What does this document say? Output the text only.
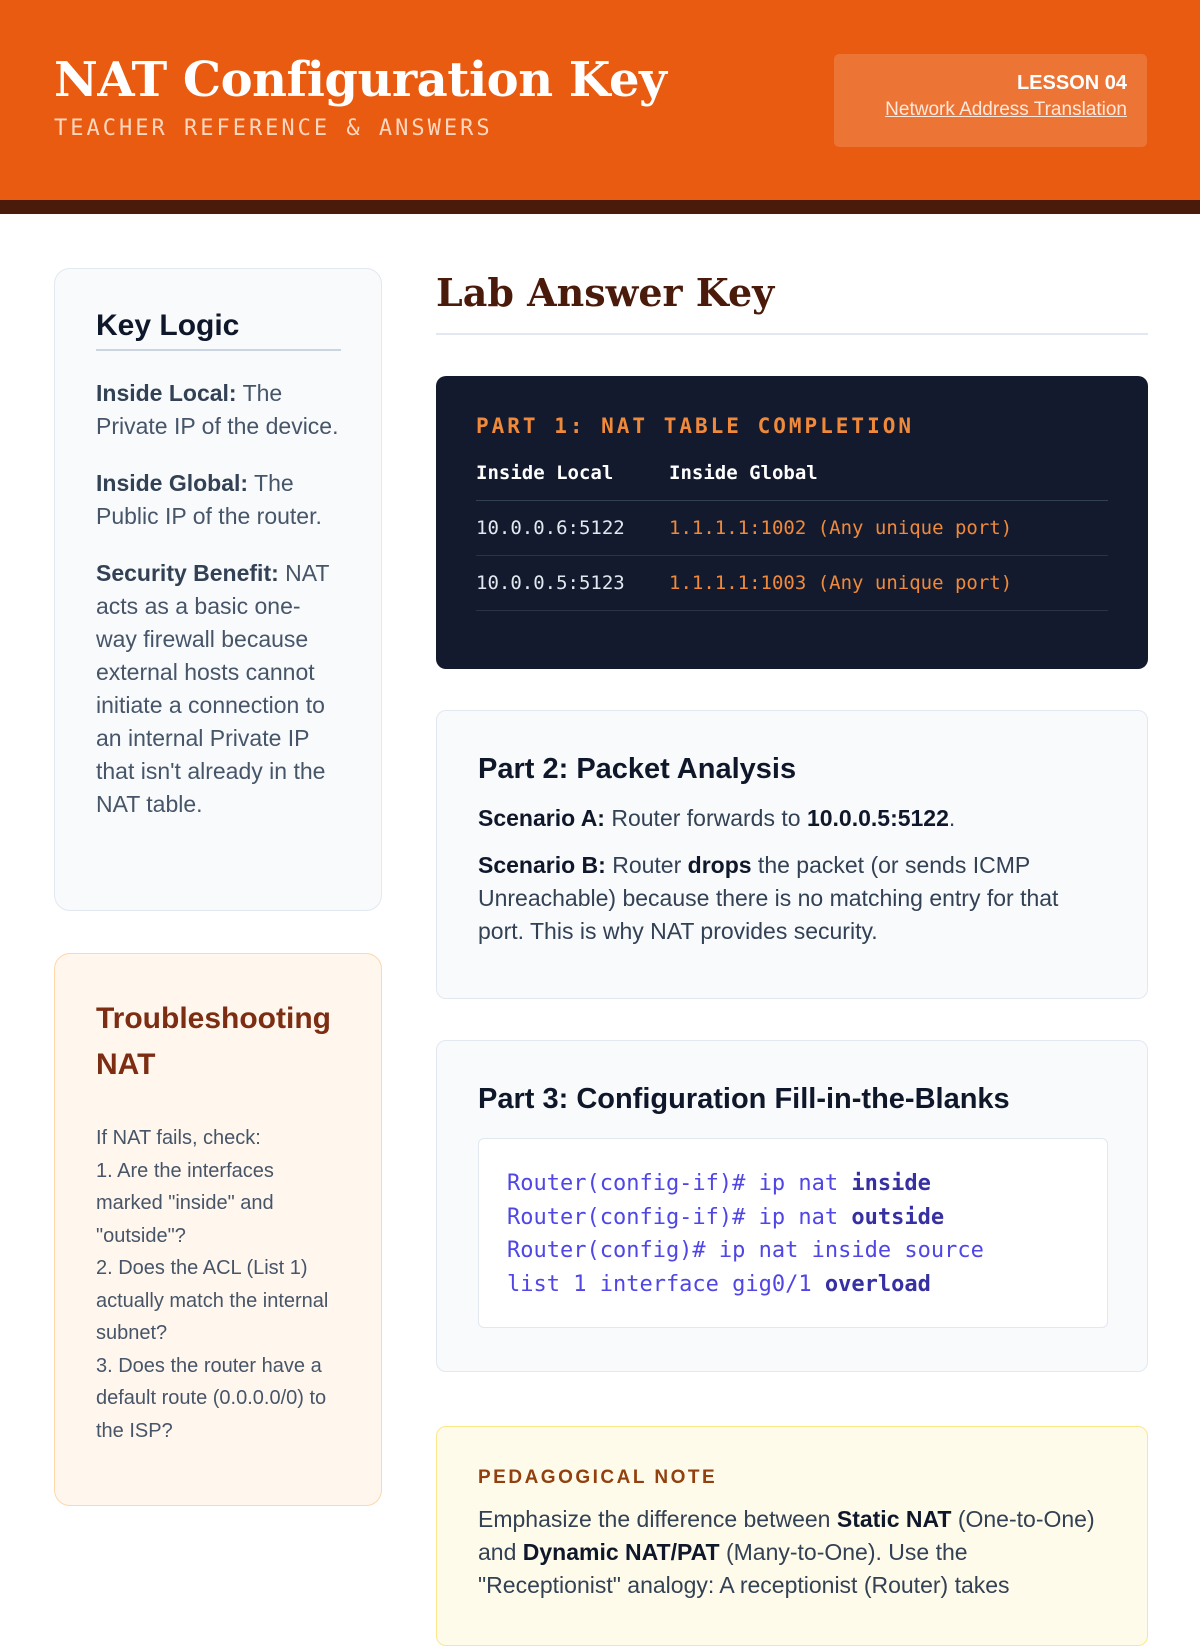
NAT Configuration Key
TEACHER REFERENCE & ANSWERS
LESSON 04
Network Address Translation
Key Logic
Inside Local: The Private IP of the device.
Inside Global: The Public IP of the router.
Security Benefit: NAT acts as a basic one-way firewall because external hosts cannot initiate a connection to an internal Private IP that isn't already in the NAT table.
Troubleshooting NAT
If NAT fails, check:
1. Are the interfaces marked "inside" and "outside"?
2. Does the ACL (List 1) actually match the internal subnet?
3. Does the router have a default route (0.0.0.0/0) to the ISP?
Lab Answer Key
PART 1: NAT TABLE COMPLETION
Inside Local	Inside Global
10.0.0.6:5122	1.1.1.1:1002 (Any unique port)
10.0.0.5:5123	1.1.1.1:1003 (Any unique port)
Part 2: Packet Analysis
Scenario A: Router forwards to 10.0.0.5:5122.
Scenario B: Router drops the packet (or sends ICMP Unreachable) because there is no matching entry for that port. This is why NAT provides security.
Part 3: Configuration Fill-in-the-Blanks
Router(config-if)# ip nat inside
Router(config-if)# ip nat outside
Router(config)# ip nat inside source
list 1 interface gig0/1 overload
PEDAGOGICAL NOTE
Emphasize the difference between Static NAT (One-to-One) and Dynamic NAT/PAT (Many-to-One). Use the "Receptionist" analogy: A receptionist (Router) takes
